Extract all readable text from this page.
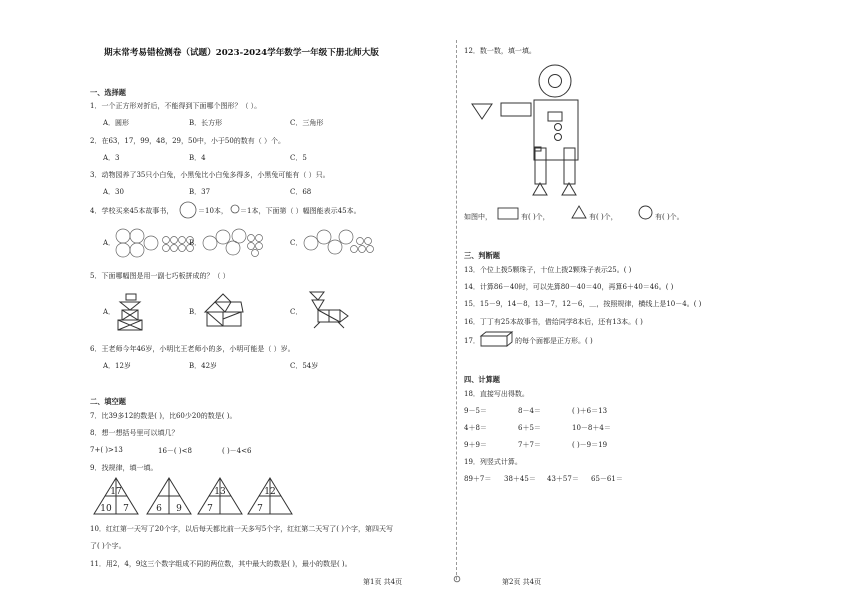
期末常考易错检测卷（试题）2023-2024学年数学一年级下册北师大版
一、选择题
1．一个正方形对折后，不能得到下面哪个图形？（ ）。
A．圆形	B．长方形	C．三角形
2．在63，17，99，48，29，50中，小于50的数有（ ）个。
A．3	B．4	C．5
3．动物园养了35只小白兔，小黑兔比小白兔多得多，小黑兔可能有（ ）只。
A．30	B．37	C．68
4．学校买来45本故事书，	＝10本， ＝1本，下面第（ ）幅图能表示45本。
A．	B．	C．
5．下面哪幅图是用一副七巧板拼成的？（ ）
A．	B．	C．
6．王老师今年46岁，小明比王老师小的多，小明可能是（ ）岁。
A．12岁	B．42岁	C．54岁
二、填空题
7．比39多12的数是( )，比60少20的数是( )。
8．想一想括号里可以填几？
7+( )>13	16－( )<8	( )－4<6
9．找规律，填一填。
17
10 7	6 9
13
7
12
7
10．红红第一天写了20个字，以后每天都比前一天多写5个字，红红第二天写了( )个字，第四天写
了( )个字。
11．用2，4，9这三个数字组成不同的两位数，其中最大的数是( )，最小的数是( )。
第1页 共4页
12．数一数，填一填。
如图中，	有( )个，	有( )个，	有( )个。
三、判断题
13．个位上拨5颗珠子，十位上拨2颗珠子表示25。( )
14．计算86－40时，可以先算80－40＝40，再算6＋40＝46。( )
15．15－9，14－8，13－7，12－6，＿，按照规律，横线上是10－4。( )
16．丁丁有25本故事书，借给同学8本后，还有13本。( )
17．	的每个面都是正方形。( )
四、计算题
18．直接写出得数。
9－5＝	8－4＝	( )＋6＝13
4＋8＝	6＋5＝	10－8＋4＝
9＋9＝	7＋7＝	( )－9＝19
19．列竖式计算。
89＋7＝ 38＋45＝ 43＋57＝ 65－61＝
第2页 共4页
